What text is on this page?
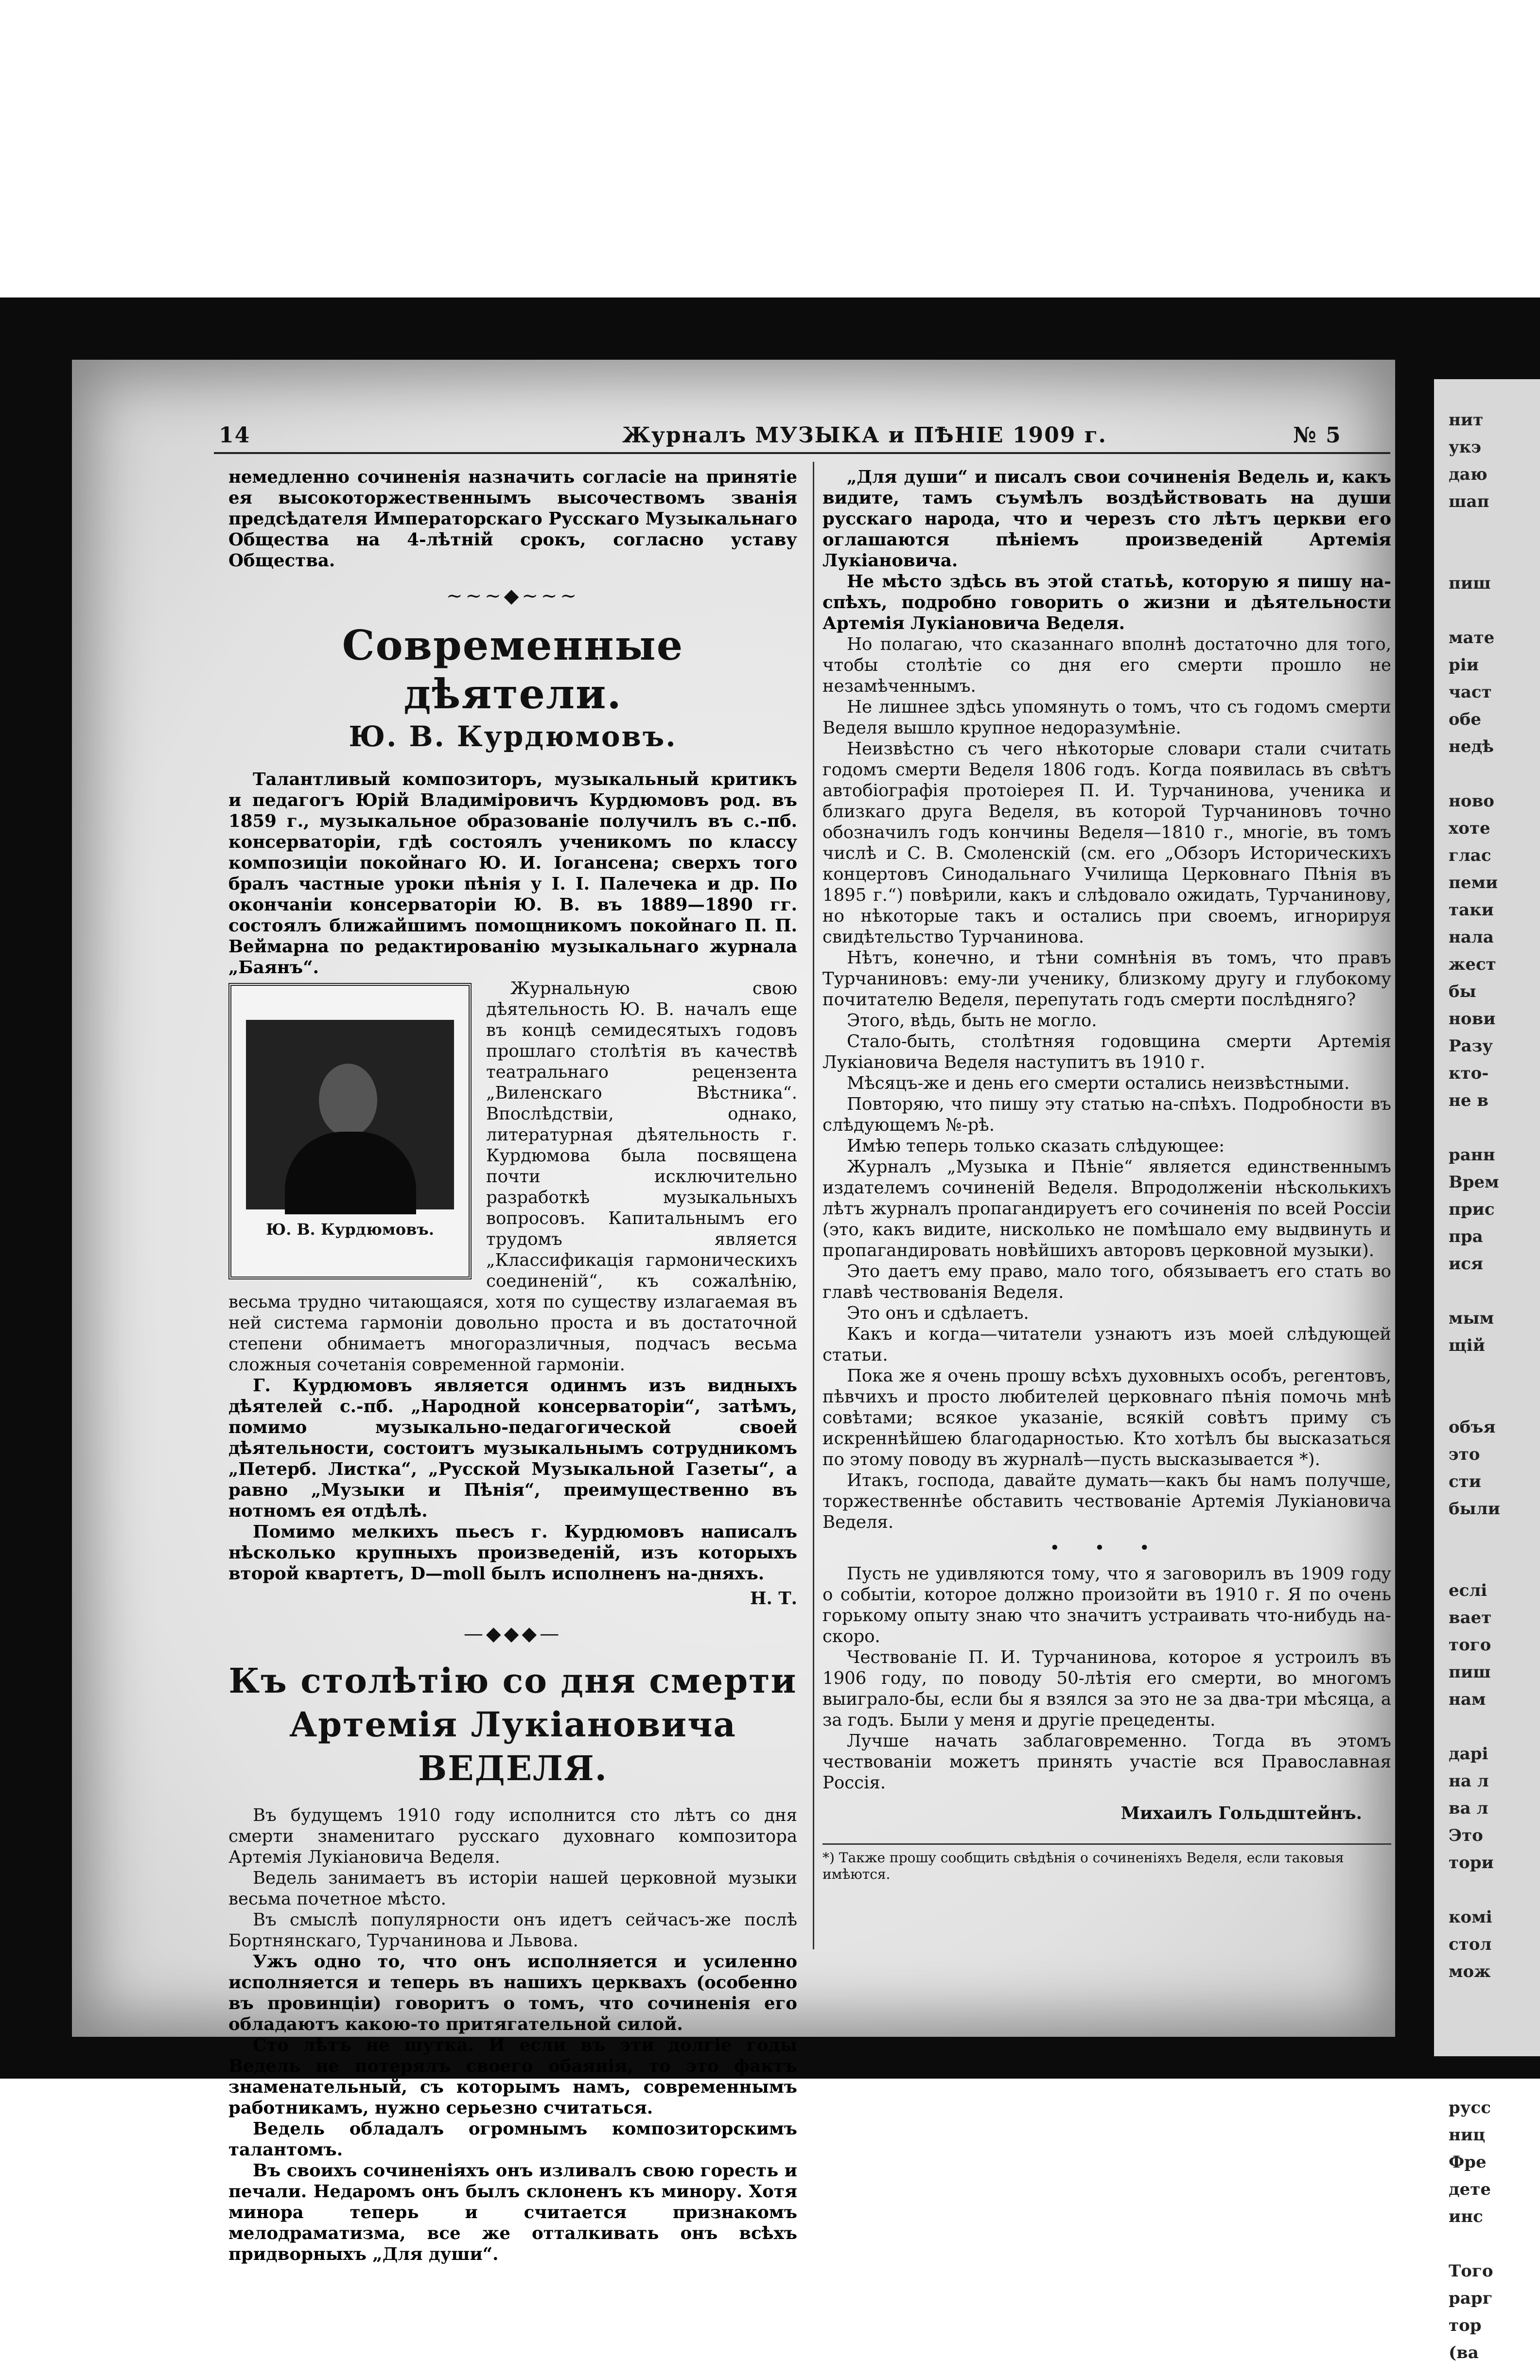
нит
укэ
даю
шап

пиш

мате
ріи
част
обе
недѣ

ново
хоте
глас
пеми
таки
нала
жест
бы
нови
Разу
кто-
не в

ранн
Врем
прис
пра
ися

мым
щій

объя
это
сти
были

еслі
вает
того
пиш
нам

дарі
на л
ва л
Это
тори

комі
стол
мож

русс
ниц
Фре
дете
инс

Того
рарг
тор
(ва
14	Журналъ МУЗЫКА и ПѢНІЕ 1909 г.	№ 5

немедленно сочиненія назначить согласіе на принятіе ея высокоторжественнымъ высочествомъ званія предсѣдателя Императорскаго Русскаго Музыкальнаго Общества на 4-лѣтній срокъ, согласно уставу Общества.

~~~◆~~~
Современные дѣятели.
Ю. В. Курдюмовъ.

Талантливый композиторъ, музыкальный критикъ и педагогъ Юрій Владиміровичъ Курдюмовъ род. въ 1859 г., музыкальное образованіе получилъ въ с.-пб. консерваторіи, гдѣ состоялъ ученикомъ по классу композиціи покойнаго Ю. И. Іогансена; сверхъ того бралъ частные уроки пѣнія у I. I. Палечека и др. По окончаніи консерваторіи Ю. В. въ 1889—1890 гг. состоялъ ближайшимъ помощникомъ покойнаго П. П. Веймарна по редактированію музыкальнаго журнала „Баянъ“.

Ю. В. Курдюмовъ.

Журнальную свою дѣятельность Ю. В. началъ еще въ концѣ семидесятыхъ годовъ прошлаго столѣтія въ качествѣ театральнаго рецензента „Виленскаго Вѣстника“. Впослѣдствіи, однако, литературная дѣятельность г. Курдюмова была посвящена почти исключительно разработкѣ музыкальныхъ вопросовъ. Капитальнымъ его трудомъ является „Классификація гармоническихъ соединеній“, къ сожалѣнію, весьма трудно читающаяся, хотя по существу излагаемая въ ней система гармоніи довольно проста и въ достаточной степени обнимаетъ многоразличныя, подчасъ весьма сложныя сочетанія современной гармоніи.

Г. Курдюмовъ является одинмъ изъ видныхъ дѣятелей с.-пб. „Народной консерваторіи“, затѣмъ, помимо музыкально-педагогической своей дѣятельности, состоитъ музыкальнымъ сотрудникомъ „Петерб. Листка“, „Русской Музыкальной Газеты“, а равно „Музыки и Пѣнія“, преимущественно въ нотномъ ея отдѣлѣ.

Помимо мелкихъ пьесъ г. Курдюмовъ написалъ нѣсколько крупныхъ произведеній, изъ которыхъ второй квартетъ, D—moll былъ исполненъ на-дняхъ.

Н. Т.
—◆◆◆—
Къ столѣтію со дня смерти Артемія Лукіановича ВЕДЕЛЯ.

Въ будущемъ 1910 году исполнится сто лѣтъ со дня смерти знаменитаго русскаго духовнаго композитора Артемія Лукіановича Веделя.

Ведель занимаетъ въ исторіи нашей церковной музыки весьма почетное мѣсто.

Въ смыслѣ популярности онъ идетъ сейчасъ-же послѣ Бортнянскаго, Турчанинова и Львова.

Ужъ одно то, что онъ исполняется и усиленно исполняется и теперь въ нашихъ церквахъ (особенно въ провинціи) говоритъ о томъ, что сочиненія его обладаютъ какою-то притягательной силой.

Сто лѣтъ не шутка. И если въ эти долгіе годы Ведель не потерялъ своего обаянія, то это фактъ знаменательный, съ которымъ намъ, современнымъ работникамъ, нужно серьезно считаться.

Ведель обладалъ огромнымъ композиторскимъ талантомъ.

Въ своихъ сочиненіяхъ онъ изливалъ свою горесть и печали. Недаромъ онъ былъ склоненъ къ минору. Хотя минора теперь и считается признакомъ мелодраматизма, все же отталкивать онъ всѣхъ придворныхъ „Для души“.

„Для души“ и писалъ свои сочиненія Ведель и, какъ видите, тамъ съумѣлъ воздѣйствовать на души русскаго народа, что и черезъ сто лѣтъ церкви его оглашаются пѣніемъ произведеній Артемія Лукіановича.

Не мѣсто здѣсь въ этой статьѣ, которую я пишу на-спѣхъ, подробно говорить о жизни и дѣятельности Артемія Лукіановича Веделя.

Но полагаю, что сказаннаго вполнѣ достаточно для того, чтобы столѣтіе со дня его смерти прошло не незамѣченнымъ.

Не лишнее здѣсь упомянуть о томъ, что съ годомъ смерти Веделя вышло крупное недоразумѣніе.

Неизвѣстно съ чего нѣкоторые словари стали считать годомъ смерти Веделя 1806 годъ. Когда появилась въ свѣтъ автобіографія протоіерея П. И. Турчанинова, ученика и близкаго друга Веделя, въ которой Турчаниновъ точно обозначилъ годъ кончины Веделя—1810 г., многіе, въ томъ числѣ и С. В. Смоленскій (см. его „Обзоръ Историческихъ концертовъ Синодальнаго Училища Церковнаго Пѣнія въ 1895 г.“) повѣрили, какъ и слѣдовало ожидать, Турчанинову, но нѣкоторые такъ и остались при своемъ, игнорируя свидѣтельство Турчанинова.

Нѣтъ, конечно, и тѣни сомнѣнія въ томъ, что правъ Турчаниновъ: ему-ли ученику, близкому другу и глубокому почитателю Веделя, перепутать годъ смерти послѣдняго?

Этого, вѣдь, быть не могло.

Стало-быть, столѣтняя годовщина смерти Артемія Лукіановича Веделя наступитъ въ 1910 г.

Мѣсяцъ-же и день его смерти остались неизвѣстными.

Повторяю, что пишу эту статью на-спѣхъ. Подробности въ слѣдующемъ №-рѣ.

Имѣю теперь только сказать слѣдующее:

Журналъ „Музыка и Пѣніе“ является единственнымъ издателемъ сочиненій Веделя. Впродолженіи нѣсколькихъ лѣтъ журналъ пропагандируетъ его сочиненія по всей Россіи (это, какъ видите, нисколько не помѣшало ему выдвинуть и пропагандировать новѣйшихъ авторовъ церковной музыки).

Это даетъ ему право, мало того, обязываетъ его стать во главѣ чествованія Веделя.

Это онъ и сдѣлаетъ.

Какъ и когда—читатели узнаютъ изъ моей слѣдующей статьи.

Пока же я очень прошу всѣхъ духовныхъ особъ, регентовъ, пѣвчихъ и просто любителей церковнаго пѣнія помочь мнѣ совѣтами; всякое указаніе, всякій совѣтъ приму съ искреннѣйшею благодарностью. Кто хотѣлъ бы высказаться по этому поводу въ журналѣ—пусть высказывается *).

Итакъ, господа, давайте думать—какъ бы намъ получше, торжественнѣе обставить чествованіе Артемія Лукіановича Веделя.

• • •

Пусть не удивляются тому, что я заговорилъ въ 1909 году о событіи, которое должно произойти въ 1910 г. Я по очень горькому опыту знаю что значитъ устраивать что-нибудь на-скоро.

Чествованіе П. И. Турчанинова, которое я устроилъ въ 1906 году, по поводу 50-лѣтія его смерти, во многомъ выиграло-бы, если бы я взялся за это не за два-три мѣсяца, а за годъ. Были у меня и другіе прецеденты.

Лучше начать заблаговременно. Тогда въ этомъ чествованіи можетъ принять участіе вся Православная Россія.

Михаилъ Гольдштейнъ.
*) Также прошу сообщить свѣдѣнія о сочиненіяхъ Веделя, если таковыя имѣются.
